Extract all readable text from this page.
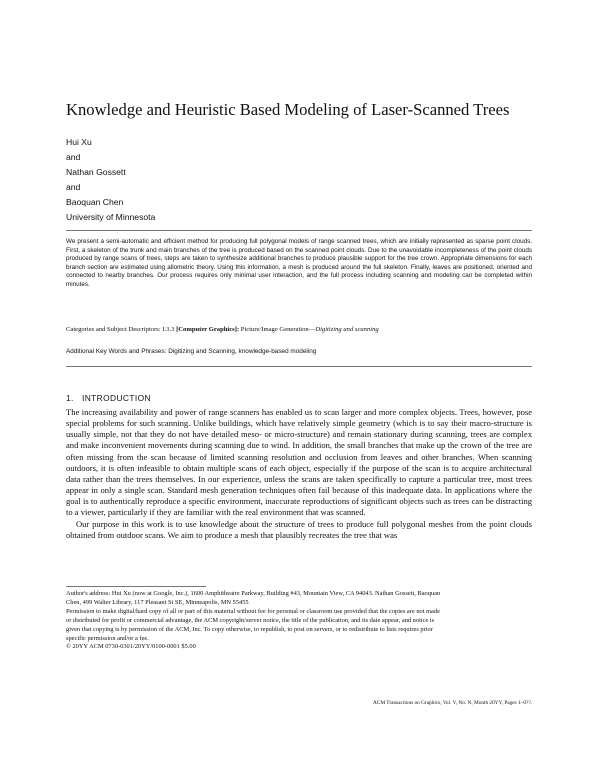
Knowledge and Heuristic Based Modeling of Laser-Scanned Trees
Hui Xu
and
Nathan Gossett
and
Baoquan Chen
University of Minnesota
We present a semi-automatic and efficient method for producing full polygonal models of range scanned trees, which are initially represented as sparse point clouds. First, a skeleton of the trunk and main branches of the tree is produced based on the scanned point clouds. Due to the unavoidable incompleteness of the point clouds produced by range scans of trees, steps are taken to synthesize additional branches to produce plausible support for the tree crown. Appropriate dimensions for each branch section are estimated using allometric theory. Using this information, a mesh is produced around the full skeleton. Finally, leaves are positioned, oriented and connected to nearby branches. Our process requires only minimal user interaction, and the full process including scanning and modeling can be completed within minutes.
Categories and Subject Descriptors: I.3.3 [Computer Graphics]: Picture/Image Generation—Digitizing and scanning
Additional Key Words and Phrases: Digitizing and Scanning, knowledge-based modeling
1. INTRODUCTION

The increasing availability and power of range scanners has enabled us to scan larger and more complex objects. Trees, however, pose special problems for such scanning. Unlike buildings, which have relatively simple geometry (which is to say their macro-structure is usually simple, not that they do not have detailed meso- or micro-structure) and remain stationary during scanning, trees are complex and make inconvenient movements during scanning due to wind. In addition, the small branches that make up the crown of the tree are often missing from the scan because of limited scanning resolution and occlusion from leaves and other branches. When scanning outdoors, it is often infeasible to obtain multiple scans of each object, especially if the purpose of the scan is to acquire architectural data rather than the trees themselves. In our experience, unless the scans are taken specifically to capture a particular tree, most trees appear in only a single scan. Standard mesh generation techniques often fail because of this inadequate data. In applications where the goal is to authentically reproduce a specific environment, inaccurate reproductions of significant objects such as trees can be distracting to a viewer, particularly if they are familiar with the real environment that was scanned.

Our purpose in this work is to use knowledge about the structure of trees to produce full polygonal meshes from the point clouds obtained from outdoor scans. We aim to produce a mesh that plausibly recreates the tree that was

Author's address: Hui Xu (now at Google, Inc.), 1600 Amphitheatre Parkway, Building #43, Mountain View, CA 94043. Nathan Gossett, Baoquan
Chen, 499 Walter Library, 117 Pleasant St SE, Minneapolis, MN 55455
Permission to make digital/hard copy of all or part of this material without fee for personal or classroom use provided that the copies are not made
or distributed for profit or commercial advantage, the ACM copyright/server notice, the title of the publication, and its date appear, and notice is
given that copying is by permission of the ACM, Inc. To copy otherwise, to republish, to post on servers, or to redistribute to lists requires prior
specific permission and/or a fee.
© 20YY ACM 0730-0301/20YY/0100-0001 $5.00
ACM Transactions on Graphics, Vol. V, No. N, Month 20YY, Pages 1–0??.
